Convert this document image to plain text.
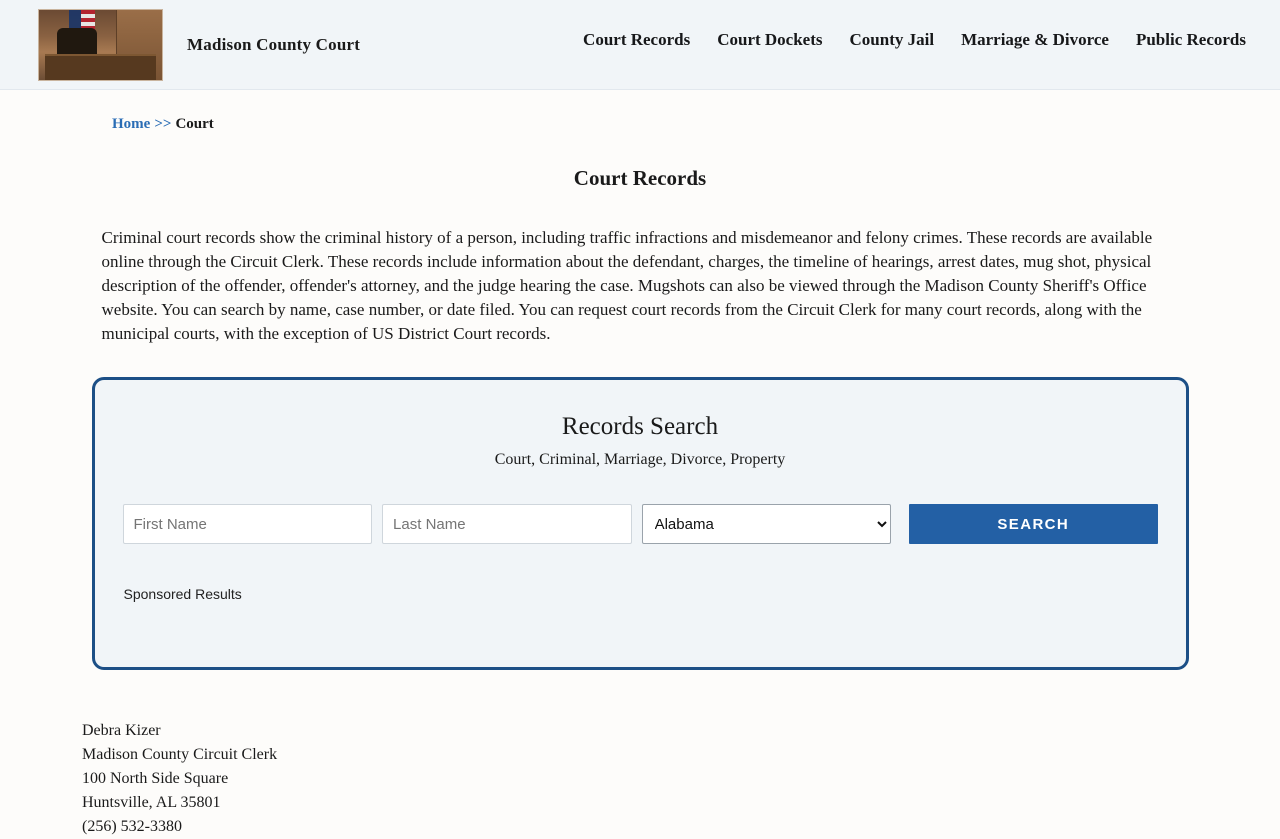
Madison County Court	Court Records Court Dockets County Jail Marriage & Divorce Public Records
Home >> Court
Court Records

Criminal court records show the criminal history of a person, including traffic infractions and misdemeanor and felony crimes. These records are available online through the Circuit Clerk. These records include information about the defendant, charges, the timeline of hearings, arrest dates, mug shot, physical description of the offender, offender's attorney, and the judge hearing the case. Mugshots can also be viewed through the Madison County Sheriff's Office website. You can search by name, case number, or date filed. You can request court records from the Circuit Clerk for many court records, along with the municipal courts, with the exception of US District Court records.

Records Search

Court, Criminal, Marriage, Divorce, Property

First Name
Last Name
Alabama
SEARCH
Sponsored Results
Debra Kizer
Madison County Circuit Clerk
100 North Side Square
Huntsville, AL 35801
(256) 532-3380
